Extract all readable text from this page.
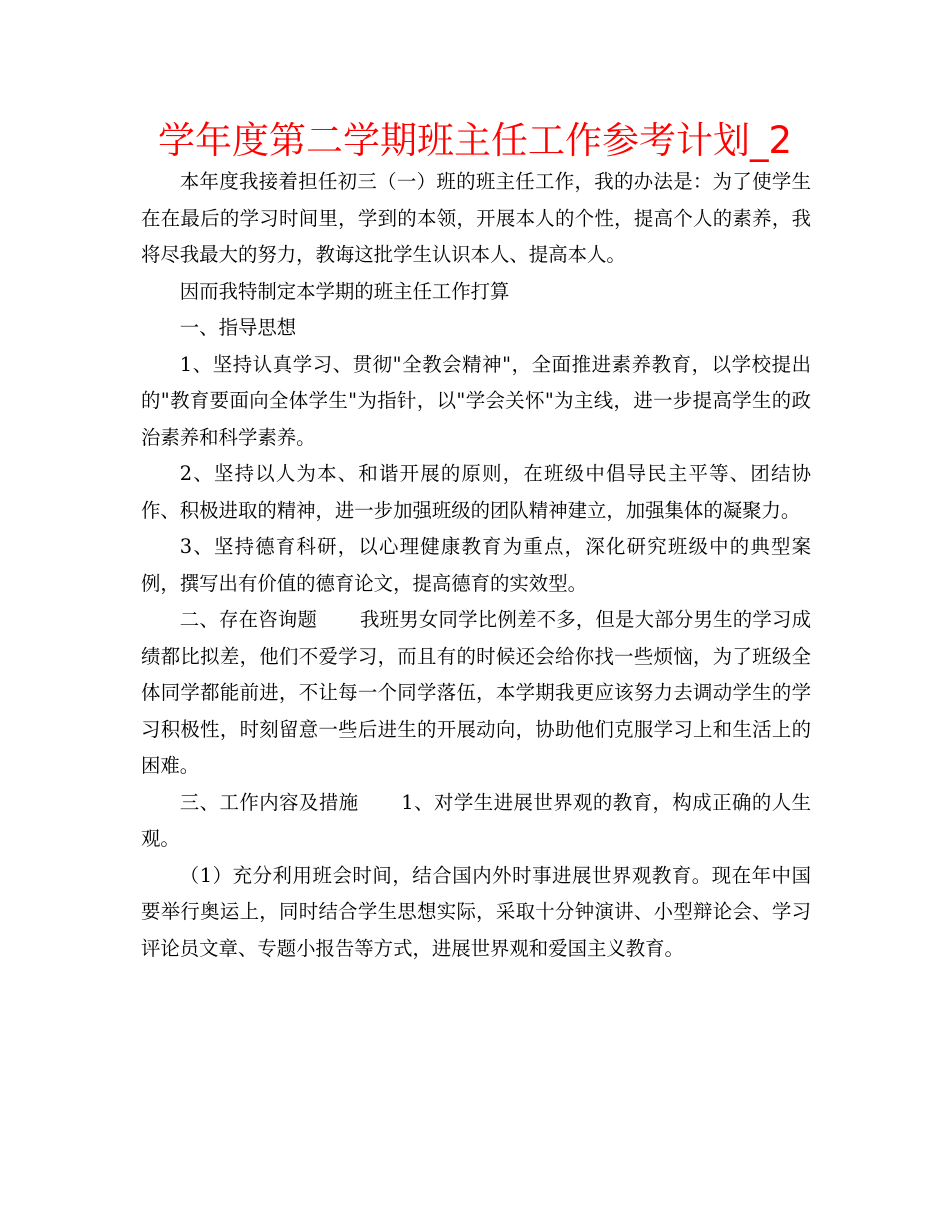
学年度第二学期班主任工作参考计划_2

本年度我接着担任初三（一）班的班主任工作，我的办法是：为了使学生在在最后的学习时间里，学到的本领，开展本人的个性，提高个人的素养，我将尽我最大的努力，教诲这批学生认识本人、提高本人。

因而我特制定本学期的班主任工作打算

一、指导思想

1、坚持认真学习、贯彻"全教会精神"，全面推进素养教育，以学校提出的"教育要面向全体学生"为指针，以"学会关怀"为主线，进一步提高学生的政治素养和科学素养。

2、坚持以人为本、和谐开展的原则，在班级中倡导民主平等、团结协作、积极进取的精神，进一步加强班级的团队精神建立，加强集体的凝聚力。

3、坚持德育科研，以心理健康教育为重点，深化研究班级中的典型案例，撰写出有价值的德育论文，提高德育的实效型。

二、存在咨询题 我班男女同学比例差不多，但是大部分男生的学习成绩都比拟差，他们不爱学习，而且有的时候还会给你找一些烦恼，为了班级全体同学都能前进，不让每一个同学落伍，本学期我更应该努力去调动学生的学习积极性，时刻留意一些后进生的开展动向，协助他们克服学习上和生活上的困难。

三、工作内容及措施 1、对学生进展世界观的教育，构成正确的人生观。

（1）充分利用班会时间，结合国内外时事进展世界观教育。现在年中国要举行奥运上，同时结合学生思想实际，采取十分钟演讲、小型辩论会、学习评论员文章、专题小报告等方式，进展世界观和爱国主义教育。
